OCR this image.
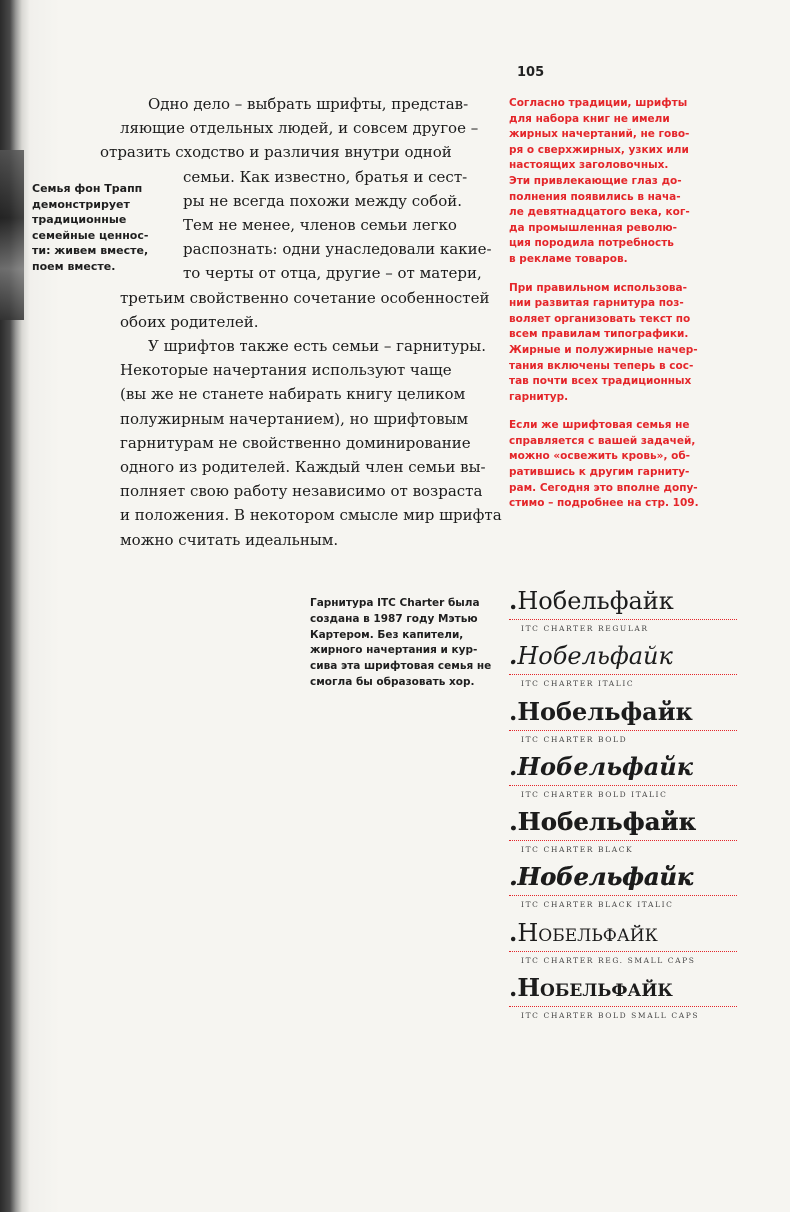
105

Одно дело – выбрать шрифты, представ-
ляющие отдельных людей, и совсем другое –
отразить сходство и различия внутри одной
семьи. Как известно, братья и сест-
ры не всегда похожи между собой.
Тем не менее, членов семьи легко
распознать: одни унаследовали какие-
то черты от отца, другие – от матери,
третьим свойственно сочетание особенностей
обоих родителей.

У шрифтов также есть семьи – гарнитуры.
Некоторые начертания используют чаще
(вы же не станете набирать книгу целиком
полужирным начертанием), но шрифтовым
гарнитурам не свойственно доминирование
одного из родителей. Каждый член семьи вы-
полняет свою работу независимо от возраста
и положения. В некотором смысле мир шрифта
можно считать идеальным.

Семья фон Трапп
демонстрирует
традиционные
семейные ценнос-
ти: живем вместе,
поем вместе.

Согласно традиции, шрифты
для набора книг не имели
жирных начертаний, не гово-
ря о сверхжирных, узких или
настоящих заголовочных.
Эти привлекающие глаз до-
полнения появились в нача-
ле девятнадцатого века, ког-
да промышленная револю-
ция породила потребность
в рекламе товаров.

При правильном использова-
нии развитая гарнитура поз-
воляет организовать текст по
всем правилам типографики.
Жирные и полужирные начер-
тания включены теперь в сос-
тав почти всех традиционных
гарнитур.

Если же шрифтовая семья не
справляется с вашей задачей,
можно «освежить кровь», об-
ратившись к другим гарниту-
рам. Сегодня это вполне допу-
стимо – подробнее на стр. 109.

Гарнитура ITC Charter была
создана в 1987 году Мэтью
Картером. Без капители,
жирного начертания и кур-
сива эта шрифтовая семья не
смогла бы образовать хор.
.Нобельфайк
ITC CHARTER REGULAR
.Нобельфайк
ITC CHARTER ITALIC
.Нобельфайк
ITC CHARTER BOLD
.Нобельфайк
ITC CHARTER BOLD ITALIC
.Нобельфайк
ITC CHARTER BLACK
.Нобельфайк
ITC CHARTER BLACK ITALIC
.Нобельфайк
ITC CHARTER REG. SMALL CAPS
.Нобельфайк
ITC CHARTER BOLD SMALL CAPS
